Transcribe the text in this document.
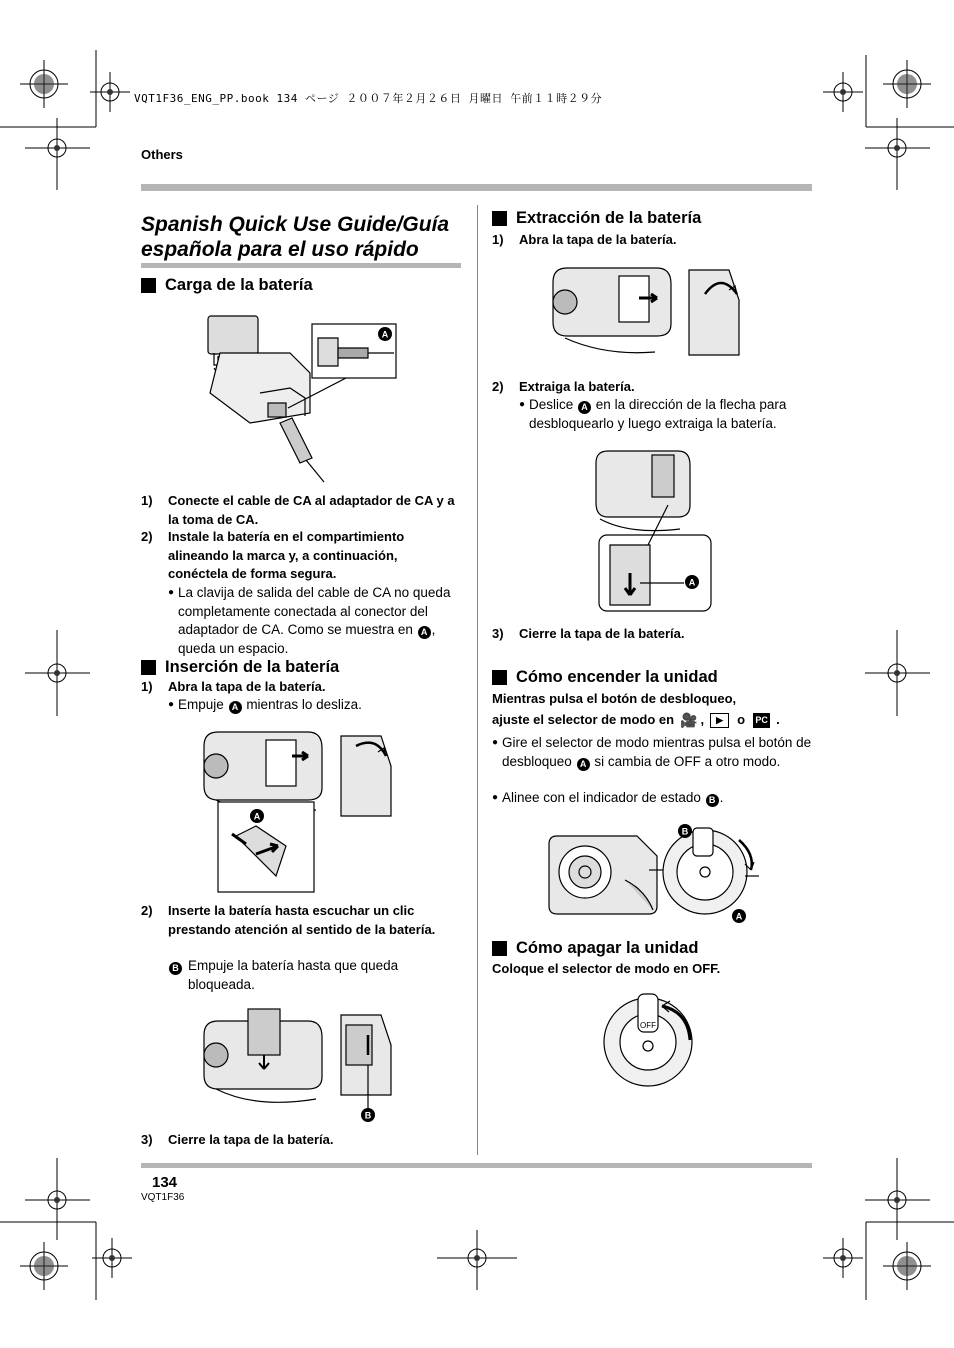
VQT1F36_ENG_PP.book 134 ページ ２００７年２月２６日 月曜日 午前１１時２９分
Others
Spanish Quick Use Guide/Guía española para el uso rápido
Carga de la batería
A
1)	Conecte el cable de CA al adaptador de CA y a la toma de CA.
2)	Instale la batería en el compartimiento alineando la marca y, a continuación, conéctela de forma segura.
● La clavija de salida del cable de CA no queda completamente conectada al conector del adaptador de CA. Como se muestra en A , queda un espacio.
Inserción de la batería
1)	Abra la tapa de la batería.
● Empuje A mientras lo desliza.
A
2)	Inserte la batería hasta escuchar un clic prestando atención al sentido de la batería.
B Empuje la batería hasta que queda bloqueada.
B
3)	Cierre la tapa de la batería.
Extracción de la batería
1)	Abra la tapa de la batería.
2)	Extraiga la batería.
● Deslice A en la dirección de la flecha para desbloquearlo y luego extraiga la batería.
A
3)	Cierre la tapa de la batería.
Cómo encender la unidad
Mientras pulsa el botón de desbloqueo,
ajuste el selector de modo en 🎥 ,	▶	o PC .
● Gire el selector de modo mientras pulsa el botón de desbloqueo A si cambia de OFF a otro modo.
● Alinee con el indicador de estado B .
B
A
Cómo apagar la unidad
Coloque el selector de modo en OFF.
OFF
134
VQT1F36
